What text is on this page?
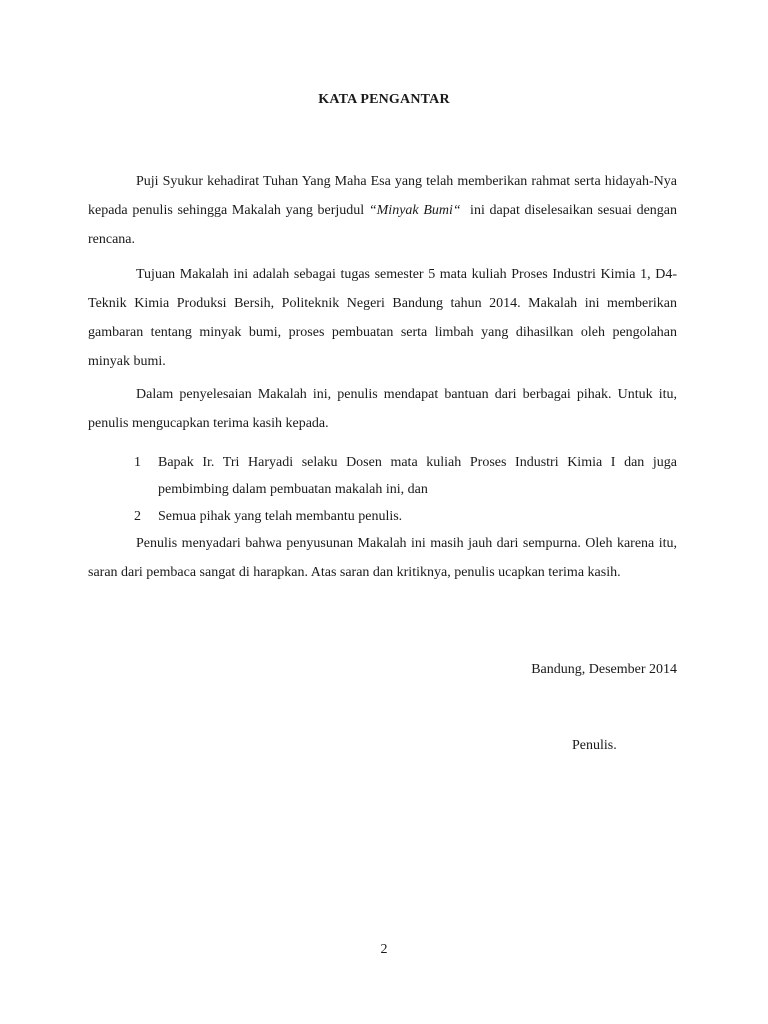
KATA PENGANTAR

Puji Syukur kehadirat Tuhan Yang Maha Esa yang telah memberikan rahmat serta hidayah-Nya kepada penulis sehingga Makalah yang berjudul “Minyak Bumi“  ini dapat diselesaikan sesuai dengan rencana.

Tujuan Makalah ini adalah sebagai tugas semester 5 mata kuliah Proses Industri Kimia 1, D4-Teknik Kimia Produksi Bersih, Politeknik Negeri Bandung tahun 2014. Makalah ini memberikan gambaran tentang minyak bumi, proses pembuatan serta limbah yang dihasilkan oleh pengolahan minyak bumi.

Dalam penyelesaian Makalah ini, penulis mendapat bantuan dari berbagai pihak. Untuk itu, penulis mengucapkan terima kasih kepada.

1	Bapak Ir. Tri Haryadi selaku Dosen mata kuliah Proses Industri Kimia I dan juga pembimbing dalam pembuatan makalah ini, dan
2	Semua pihak yang telah membantu penulis.

Penulis menyadari bahwa penyusunan Makalah ini masih jauh dari sempurna. Oleh karena itu, saran dari pembaca sangat di harapkan. Atas saran dan kritiknya, penulis ucapkan terima kasih.

Bandung, Desember 2014
Penulis.
2
